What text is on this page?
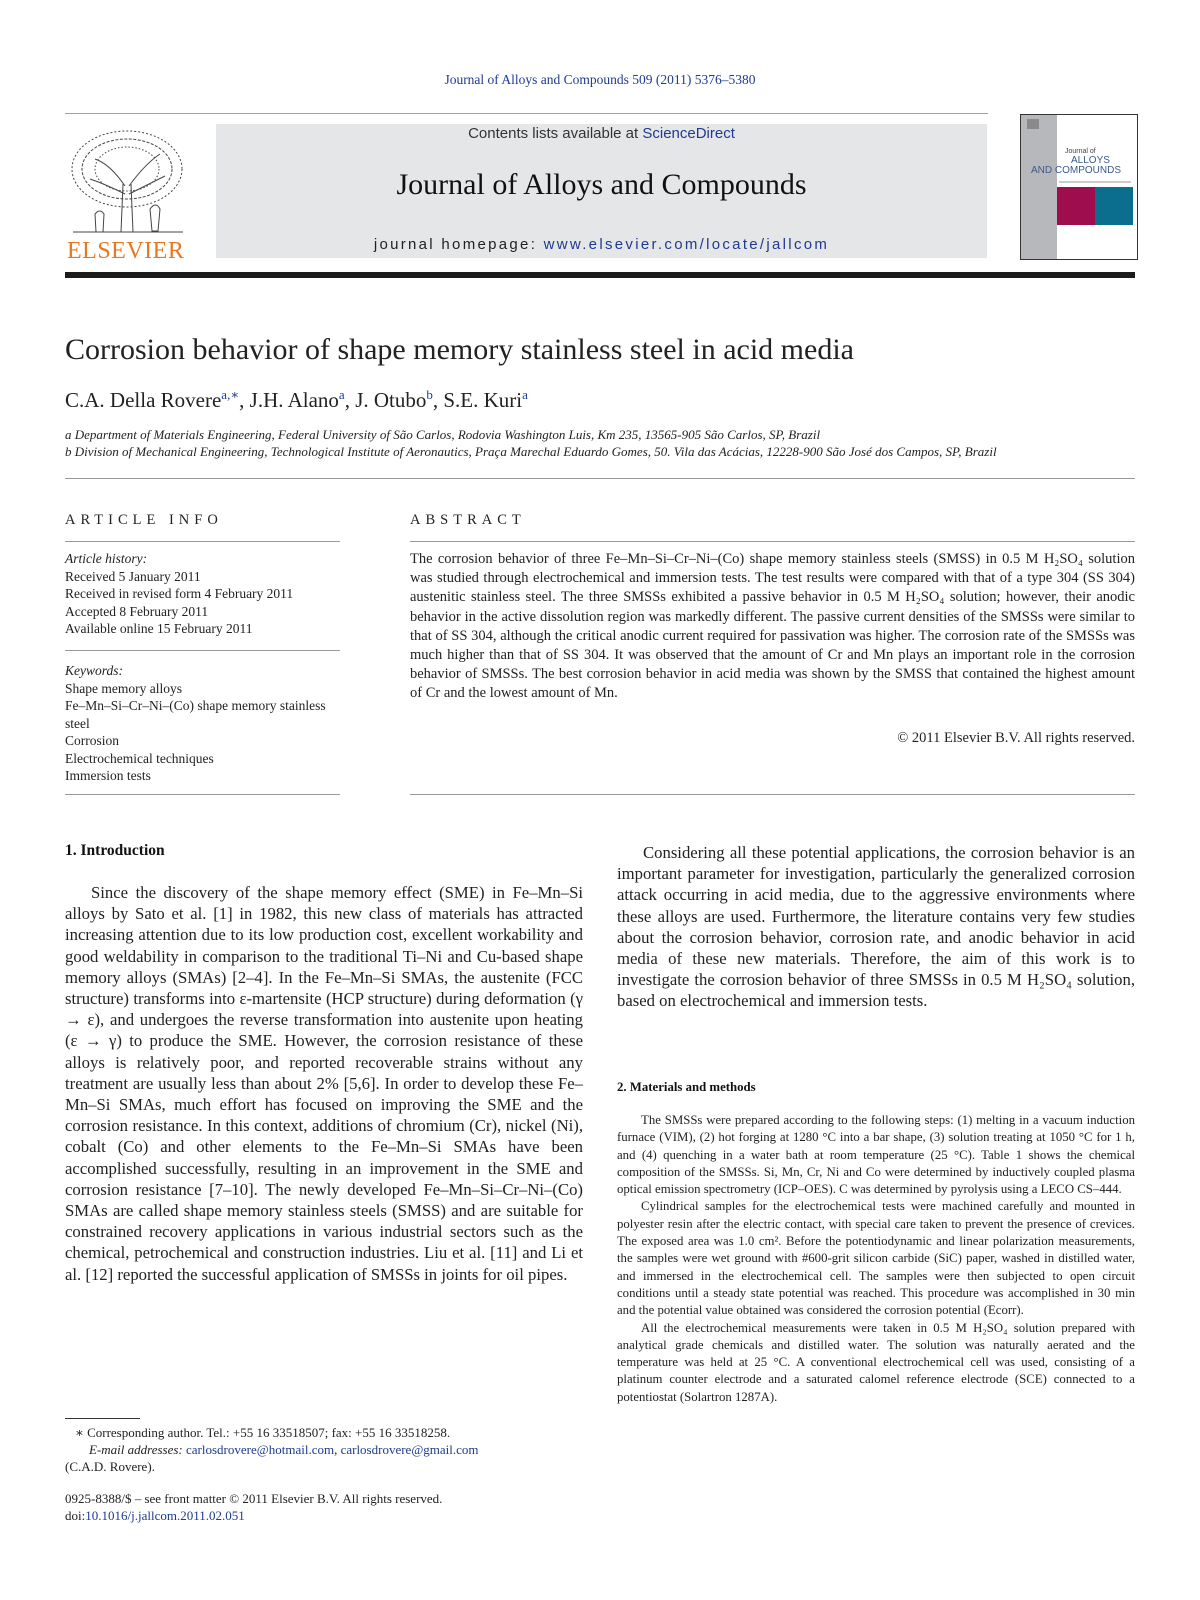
Journal of Alloys and Compounds 509 (2011) 5376–5380
ELSEVIER
Contents lists available at ScienceDirect
Journal of Alloys and Compounds
journal homepage: www.elsevier.com/locate/jallcom
Journal of
ALLOYS
AND COMPOUNDS
Corrosion behavior of shape memory stainless steel in acid media
C.A. Della Rovere$^{a,∗}$, J.H. Alano$^a$, J. Otubo$^b$, S.E. Kuri$^a$
a Department of Materials Engineering, Federal University of São Carlos, Rodovia Washington Luis, Km 235, 13565-905 São Carlos, SP, Brazil
b Division of Mechanical Engineering, Technological Institute of Aeronautics, Praça Marechal Eduardo Gomes, 50. Vila das Acácias, 12228-900 São José dos Campos, SP, Brazil
ARTICLE INFO
Article history:
Received 5 January 2011
Received in revised form 4 February 2011
Accepted 8 February 2011
Available online 15 February 2011
Keywords:
Shape memory alloys
Fe–Mn–Si–Cr–Ni–(Co) shape memory stainless steel
Corrosion
Electrochemical techniques
Immersion tests
ABSTRACT
The corrosion behavior of three Fe–Mn–Si–Cr–Ni–(Co) shape memory stainless steels (SMSS) in 0.5 M H₂SO₄ solution was studied through electrochemical and immersion tests. The test results were compared with that of a type 304 (SS 304) austenitic stainless steel. The three SMSSs exhibited a passive behavior in 0.5 M H₂SO₄ solution; however, their anodic behavior in the active dissolution region was markedly different. The passive current densities of the SMSSs were similar to that of SS 304, although the critical anodic current required for passivation was higher. The corrosion rate of the SMSSs was much higher than that of SS 304. It was observed that the amount of Cr and Mn plays an important role in the corrosion behavior of SMSSs. The best corrosion behavior in acid media was shown by the SMSS that contained the highest amount of Cr and the lowest amount of Mn.
© 2011 Elsevier B.V. All rights reserved.
1. Introduction
Since the discovery of the shape memory effect (SME) in Fe–Mn–Si alloys by Sato et al. [1] in 1982, this new class of materials has attracted increasing attention due to its low production cost, excellent workability and good weldability in comparison to the traditional Ti–Ni and Cu-based shape memory alloys (SMAs) [2–4]. In the Fe–Mn–Si SMAs, the austenite (FCC structure) transforms into ε-martensite (HCP structure) during deformation (γ → ε), and undergoes the reverse transformation into austenite upon heating (ε → γ) to produce the SME. However, the corrosion resistance of these alloys is relatively poor, and reported recoverable strains without any treatment are usually less than about 2% [5,6]. In order to develop these Fe–Mn–Si SMAs, much effort has focused on improving the SME and the corrosion resistance. In this context, additions of chromium (Cr), nickel (Ni), cobalt (Co) and other elements to the Fe–Mn–Si SMAs have been accomplished successfully, resulting in an improvement in the SME and corrosion resistance [7–10]. The newly developed Fe–Mn–Si–Cr–Ni–(Co) SMAs are called shape memory stainless steels (SMSS) and are suitable for constrained recovery applications in various industrial sectors such as the chemical, petrochemical and construction industries. Liu et al. [11] and Li et al. [12] reported the successful application of SMSSs in joints for oil pipes.
Considering all these potential applications, the corrosion behavior is an important parameter for investigation, particularly the generalized corrosion attack occurring in acid media, due to the aggressive environments where these alloys are used. Furthermore, the literature contains very few studies about the corrosion behavior, corrosion rate, and anodic behavior in acid media of these new materials. Therefore, the aim of this work is to investigate the corrosion behavior of three SMSSs in 0.5 M H₂SO₄ solution, based on electrochemical and immersion tests.
2. Materials and methods

The SMSSs were prepared according to the following steps: (1) melting in a vacuum induction furnace (VIM), (2) hot forging at 1280 °C into a bar shape, (3) solution treating at 1050 °C for 1 h, and (4) quenching in a water bath at room temperature (25 °C). Table 1 shows the chemical composition of the SMSSs. Si, Mn, Cr, Ni and Co were determined by inductively coupled plasma optical emission spectrometry (ICP–OES). C was determined by pyrolysis using a LECO CS–444.

Cylindrical samples for the electrochemical tests were machined carefully and mounted in polyester resin after the electric contact, with special care taken to prevent the presence of crevices. The exposed area was 1.0 cm². Before the potentiodynamic and linear polarization measurements, the samples were wet ground with #600-grit silicon carbide (SiC) paper, washed in distilled water, and immersed in the electrochemical cell. The samples were then subjected to open circuit conditions until a steady state potential was reached. This procedure was accomplished in 30 min and the potential value obtained was considered the corrosion potential (Ecorr).

All the electrochemical measurements were taken in 0.5 M H₂SO₄ solution prepared with analytical grade chemicals and distilled water. The solution was naturally aerated and the temperature was held at 25 °C. A conventional electrochemical cell was used, consisting of a platinum counter electrode and a saturated calomel reference electrode (SCE) connected to a potentiostat (Solartron 1287A).

∗ Corresponding author. Tel.: +55 16 33518507; fax: +55 16 33518258.
E-mail addresses: carlosdrovere@hotmail.com, carlosdrovere@gmail.com
(C.A.D. Rovere).
0925-8388/$ – see front matter © 2011 Elsevier B.V. All rights reserved.
doi:10.1016/j.jallcom.2011.02.051
